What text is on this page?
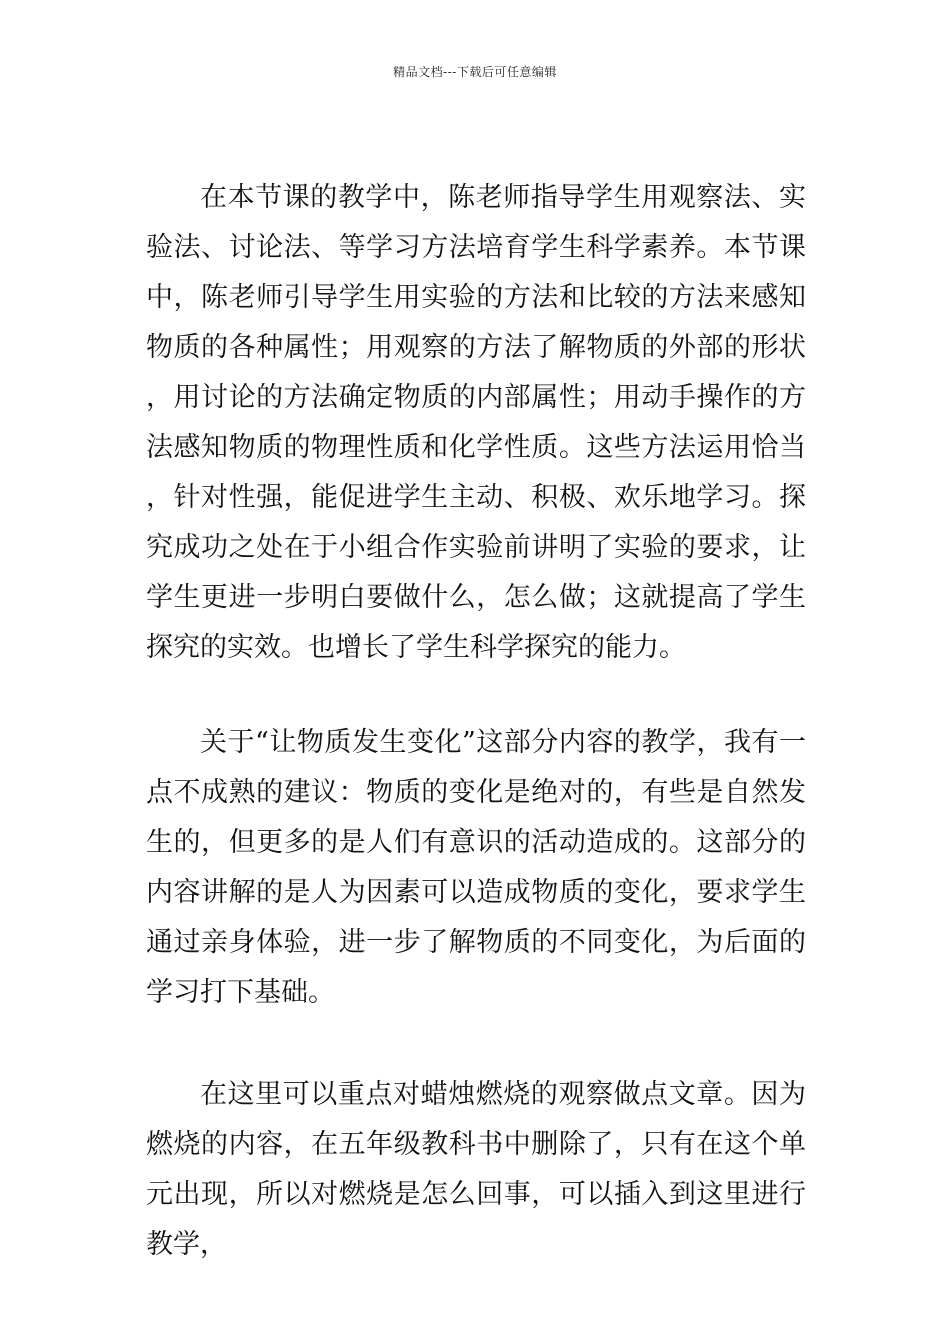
精品文档---下载后可任意编辑

在本节课的教学中，陈老师指导学生用观察法、实验法、讨论法、等学习方法培育学生科学素养。本节课中，陈老师引导学生用实验的方法和比较的方法来感知物质的各种属性；用观察的方法了解物质的外部的形状，用讨论的方法确定物质的内部属性；用动手操作的方法感知物质的物理性质和化学性质。这些方法运用恰当，针对性强，能促进学生主动、积极、欢乐地学习。探究成功之处在于小组合作实验前讲明了实验的要求，让学生更进一步明白要做什么，怎么做；这就提高了学生探究的实效。也增长了学生科学探究的能力。

关于“让物质发生变化”这部分内容的教学，我有一点不成熟的建议：物质的变化是绝对的，有些是自然发生的，但更多的是人们有意识的活动造成的。这部分的内容讲解的是人为因素可以造成物质的变化，要求学生通过亲身体验，进一步了解物质的不同变化，为后面的学习打下基础。

在这里可以重点对蜡烛燃烧的观察做点文章。因为燃烧的内容，在五年级教科书中删除了，只有在这个单元出现，所以对燃烧是怎么回事，可以插入到这里进行教学，
